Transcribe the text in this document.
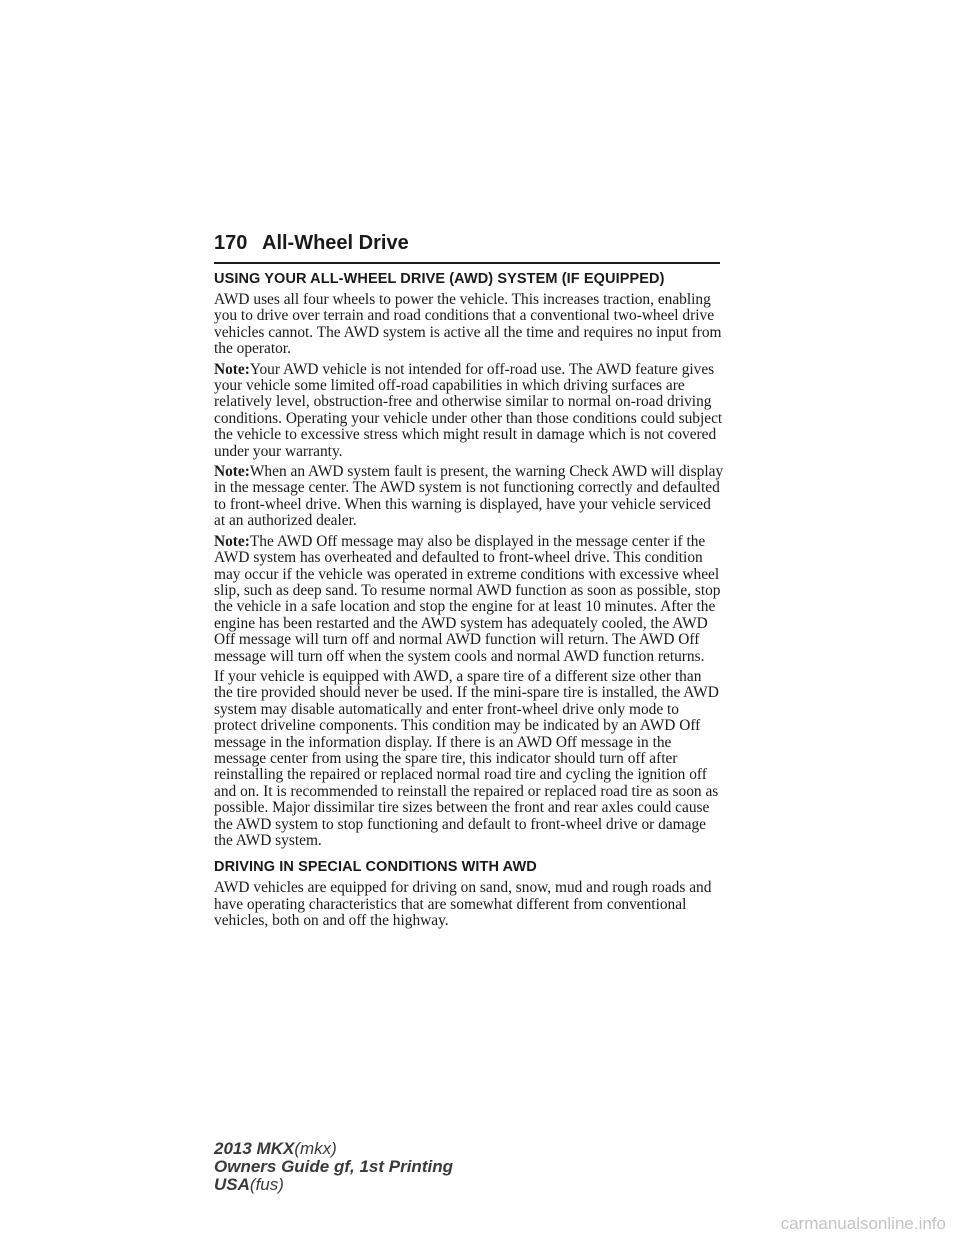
170 All-Wheel Drive
USING YOUR ALL-WHEEL DRIVE (AWD) SYSTEM (IF EQUIPPED)

AWD uses all four wheels to power the vehicle. This increases traction, enabling you to drive over terrain and road conditions that a conventional two-wheel drive vehicles cannot. The AWD system is active all the time and requires no input from the operator.

Note:Your AWD vehicle is not intended for off-road use. The AWD feature gives your vehicle some limited off-road capabilities in which driving surfaces are relatively level, obstruction-free and otherwise similar to normal on-road driving conditions. Operating your vehicle under other than those conditions could subject the vehicle to excessive stress which might result in damage which is not covered under your warranty.

Note:When an AWD system fault is present, the warning Check AWD will display in the message center. The AWD system is not functioning correctly and defaulted to front-wheel drive. When this warning is displayed, have your vehicle serviced at an authorized dealer.

Note:The AWD Off message may also be displayed in the message center if the AWD system has overheated and defaulted to front-wheel drive. This condition may occur if the vehicle was operated in extreme conditions with excessive wheel slip, such as deep sand. To resume normal AWD function as soon as possible, stop the vehicle in a safe location and stop the engine for at least 10 minutes. After the engine has been restarted and the AWD system has adequately cooled, the AWD Off message will turn off and normal AWD function will return. The AWD Off message will turn off when the system cools and normal AWD function returns.

If your vehicle is equipped with AWD, a spare tire of a different size other than the tire provided should never be used. If the mini-spare tire is installed, the AWD system may disable automatically and enter front-wheel drive only mode to protect driveline components. This condition may be indicated by an AWD Off message in the information display. If there is an AWD Off message in the message center from using the spare tire, this indicator should turn off after reinstalling the repaired or replaced normal road tire and cycling the ignition off and on. It is recommended to reinstall the repaired or replaced road tire as soon as possible. Major dissimilar tire sizes between the front and rear axles could cause the AWD system to stop functioning and default to front-wheel drive or damage the AWD system.

DRIVING IN SPECIAL CONDITIONS WITH AWD

AWD vehicles are equipped for driving on sand, snow, mud and rough roads and have operating characteristics that are somewhat different from conventional vehicles, both on and off the highway.

2013 MKX(mkx)
Owners Guide gf, 1st Printing
USA(fus)
carmanualsonline.info
